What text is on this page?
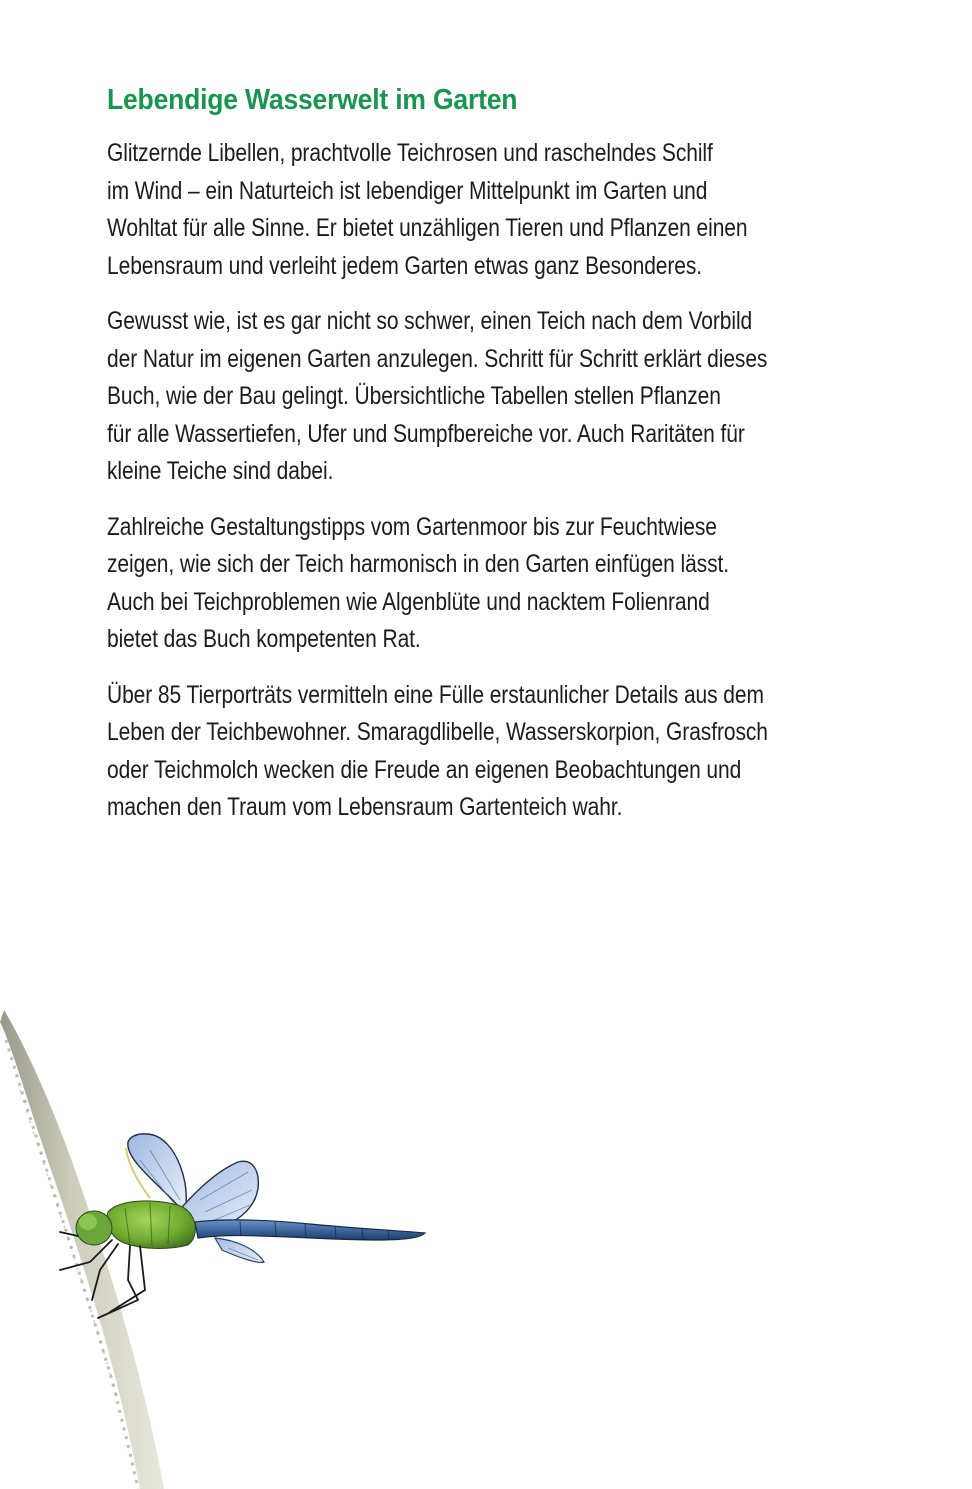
Lebendige Wasserwelt im Garten

Glitzernde Libellen, prachtvolle Teichrosen und raschelndes Schilf
im Wind – ein Naturteich ist lebendiger Mittelpunkt im Garten und
Wohltat für alle Sinne. Er bietet unzähligen Tieren und Pflanzen einen
Lebensraum und verleiht jedem Garten etwas ganz Besonderes.

Gewusst wie, ist es gar nicht so schwer, einen Teich nach dem Vorbild
der Natur im eigenen Garten anzulegen. Schritt für Schritt erklärt dieses
Buch, wie der Bau gelingt. Übersichtliche Tabellen stellen Pflanzen
für alle Wassertiefen, Ufer und Sumpfbereiche vor. Auch Raritäten für
kleine Teiche sind dabei.

Zahlreiche Gestaltungstipps vom Gartenmoor bis zur Feuchtwiese
zeigen, wie sich der Teich harmonisch in den Garten einfügen lässt.
Auch bei Teichproblemen wie Algenblüte und nacktem Folienrand
bietet das Buch kompetenten Rat.

Über 85 Tierporträts vermitteln eine Fülle erstaunlicher Details aus dem
Leben der Teichbewohner. Smaragdlibelle, Wasserskorpion, Grasfrosch
oder Teichmolch wecken die Freude an eigenen Beobachtungen und
machen den Traum vom Lebensraum Gartenteich wahr.
